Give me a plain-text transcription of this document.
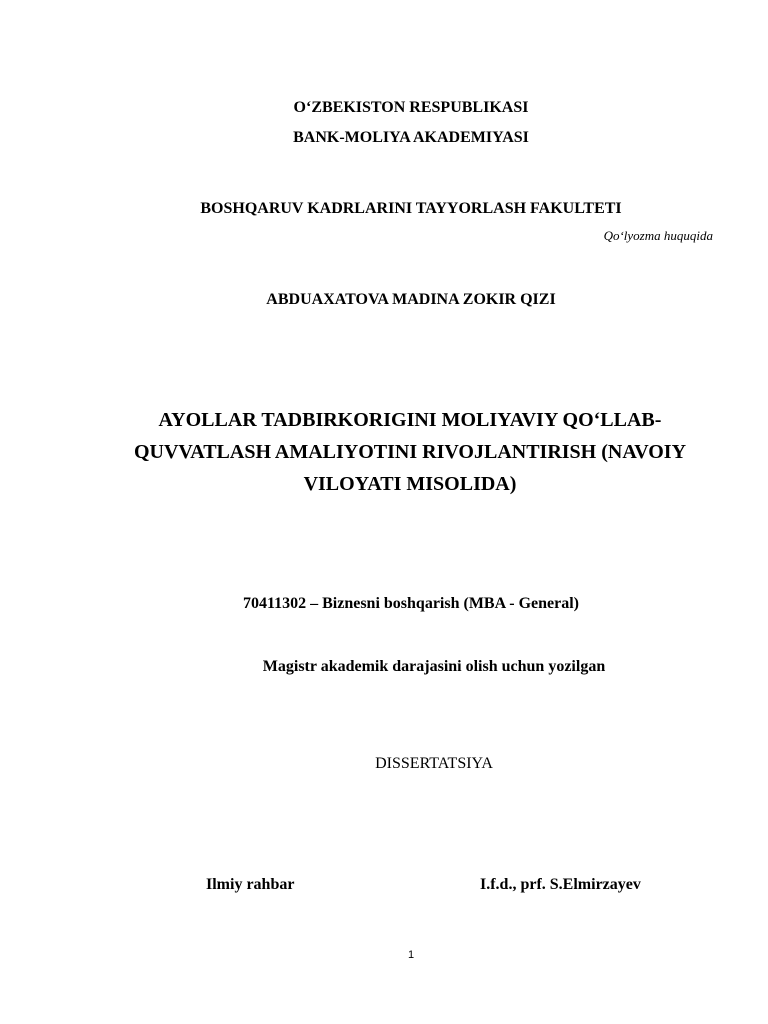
O‘ZBEKISTON RESPUBLIKASI
BANK-MOLIYA AKADEMIYASI
BOSHQARUV KADRLARINI TAYYORLASH FAKULTETI
Qo‘lyozma huquqida
ABDUAXATOVA MADINA ZOKIR QIZI
AYOLLAR TADBIRKORIGINI MOLIYAVIY QO‘LLAB-
QUVVATLASH AMALIYOTINI RIVOJLANTIRISH (NAVOIY
VILOYATI MISOLIDA)
70411302 – Biznesni boshqarish (MBA - General)
Magistr akademik darajasini olish uchun yozilgan
DISSERTATSIYA
Ilmiy rahbar	I.f.d., prf. S.Elmirzayev
1
